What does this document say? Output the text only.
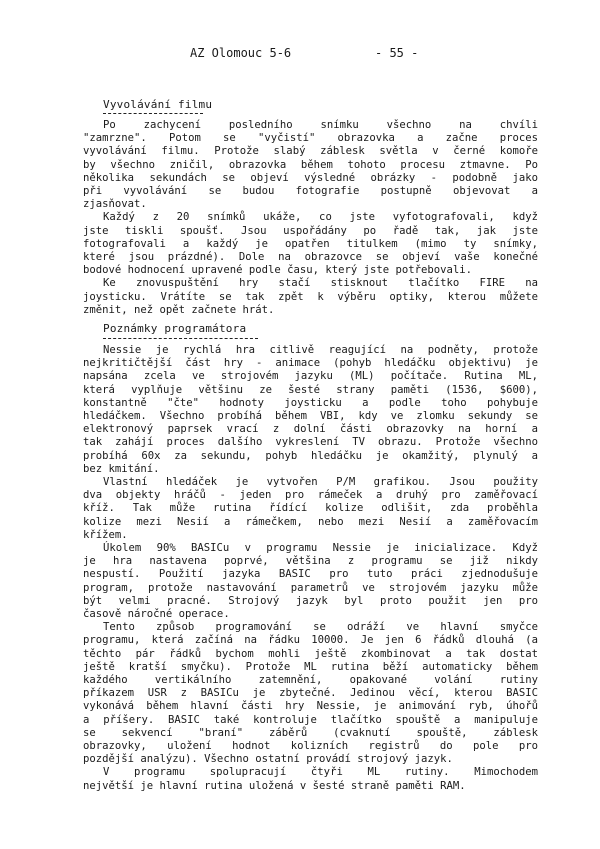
AZ Olomouc 5-6	- 55 -
Vyvolávání filmu
Po zachycení posledního snímku všechno na chvíli
"zamrzne". Potom se "vyčistí" obrazovka a začne proces
vyvolávání filmu. Protože slabý záblesk světla v černé komoře
by všechno zničil, obrazovka během tohoto procesu ztmavne. Po
několika sekundách se objeví výsledné obrázky - podobně jako
při vyvolávání se budou fotografie postupně objevovat a
zjasňovat.
Každý z 20 snímků ukáže, co jste vyfotografovali, když
jste tiskli spoušť. Jsou uspořádány po řadě tak, jak jste
fotografovali a každý je opatřen titulkem (mimo ty snímky,
které jsou prázdné). Dole na obrazovce se objeví vaše konečné
bodové hodnocení upravené podle času, který jste potřebovali.
Ke znovuspuštění hry stačí stisknout tlačítko FIRE na
joysticku. Vrátíte se tak zpět k výběru optiky, kterou můžete
změnit, než opět začnete hrát.
Poznámky programátora
Nessie je rychlá hra citlivě reagující na podněty, protože
nejkritičtější část hry - animace (pohyb hledáčku objektivu) je
napsána zcela ve strojovém jazyku (ML) počítače. Rutina ML,
která vyplňuje většinu ze šesté strany paměti (1536, $600),
konstantně "čte" hodnoty joysticku a podle toho pohybuje
hledáčkem. Všechno probíhá během VBI, kdy ve zlomku sekundy se
elektronový paprsek vrací z dolní části obrazovky na horní a
tak zahájí proces dalšího vykreslení TV obrazu. Protože všechno
probíhá 60x za sekundu, pohyb hledáčku je okamžitý, plynulý a
bez kmitání.
Vlastní hledáček je vytvořen P/M grafikou. Jsou použity
dva objekty hráčů - jeden pro rámeček a druhý pro zaměřovací
kříž. Tak může rutina řídící kolize odlišit, zda proběhla
kolize mezi Nesií a rámečkem, nebo mezi Nesií a zaměřovacím
křížem.
Úkolem 90% BASICu v programu Nessie je inicializace. Když
je hra nastavena poprvé, většina z programu se již nikdy
nespustí. Použití jazyka BASIC pro tuto práci zjednodušuje
program, protože nastavování parametrů ve strojovém jazyku může
být velmi pracné. Strojový jazyk byl proto použit jen pro
časově náročné operace.
Tento způsob programování se odráží ve hlavní smyčce
programu, která začíná na řádku 10000. Je jen 6 řádků dlouhá (a
těchto pár řádků bychom mohli ještě zkombinovat a tak dostat
ještě kratší smyčku). Protože ML rutina běží automaticky během
každého vertikálního zatemnění, opakované volání rutiny
příkazem USR z BASICu je zbytečné. Jedinou věcí, kterou BASIC
vykonává během hlavní části hry Nessie, je animování ryb, úhořů
a příšery. BASIC také kontroluje tlačítko spouště a manipuluje
se sekvencí "braní" záběrů (cvaknutí spouště, záblesk
obrazovky, uložení hodnot kolizních registrů do pole pro
pozdější analýzu). Všechno ostatní provádí strojový jazyk.
V programu spolupracují čtyři ML rutiny. Mimochodem
největší je hlavní rutina uložená v šesté straně paměti RAM.
